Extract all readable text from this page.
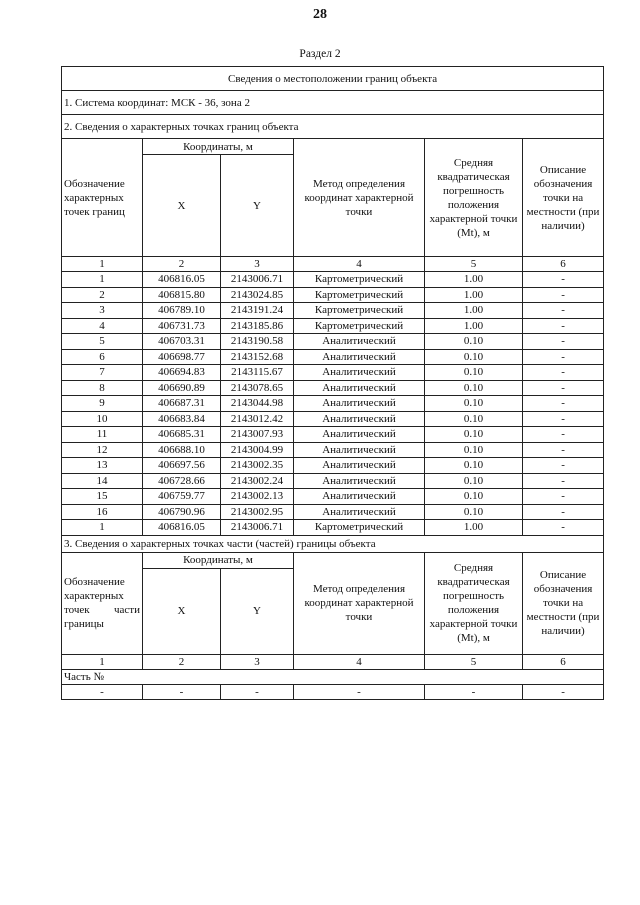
28
Раздел 2
Сведения о местоположении границ объекта					
1. Система координат: МСК - 36, зона 2					
2. Сведения о характерных точках границ объекта					
Обозначение характерных точек границ	Координаты, м		Метод определения координат характерной точки	Средняя квадратическая погрешность положения характерной точки (Mt), м	Описание обозначения точки на местности (при наличии)
	X	Y			
1	2	3	4	5	6
1	406816.05	2143006.71	Картометрический	1.00	-
2	406815.80	2143024.85	Картометрический	1.00	-
3	406789.10	2143191.24	Картометрический	1.00	-
4	406731.73	2143185.86	Картометрический	1.00	-
5	406703.31	2143190.58	Аналитический	0.10	-
6	406698.77	2143152.68	Аналитический	0.10	-
7	406694.83	2143115.67	Аналитический	0.10	-
8	406690.89	2143078.65	Аналитический	0.10	-
9	406687.31	2143044.98	Аналитический	0.10	-
10	406683.84	2143012.42	Аналитический	0.10	-
11	406685.31	2143007.93	Аналитический	0.10	-
12	406688.10	2143004.99	Аналитический	0.10	-
13	406697.56	2143002.35	Аналитический	0.10	-
14	406728.66	2143002.24	Аналитический	0.10	-
15	406759.77	2143002.13	Аналитический	0.10	-
16	406790.96	2143002.95	Аналитический	0.10	-
1	406816.05	2143006.71	Картометрический	1.00	-
3. Сведения о характерных точках части (частей) границы объекта					

Обозначение характерных точек части границы	Координаты, м		Метод определения координат характерной точки	Средняя квадратическая погрешность положения характерной точки (Mt), м	Описание обозначения точки на местности (при наличии)
	X	Y			
1	2	3	4	5	6
Часть №					
-	-	-	-	-	-
